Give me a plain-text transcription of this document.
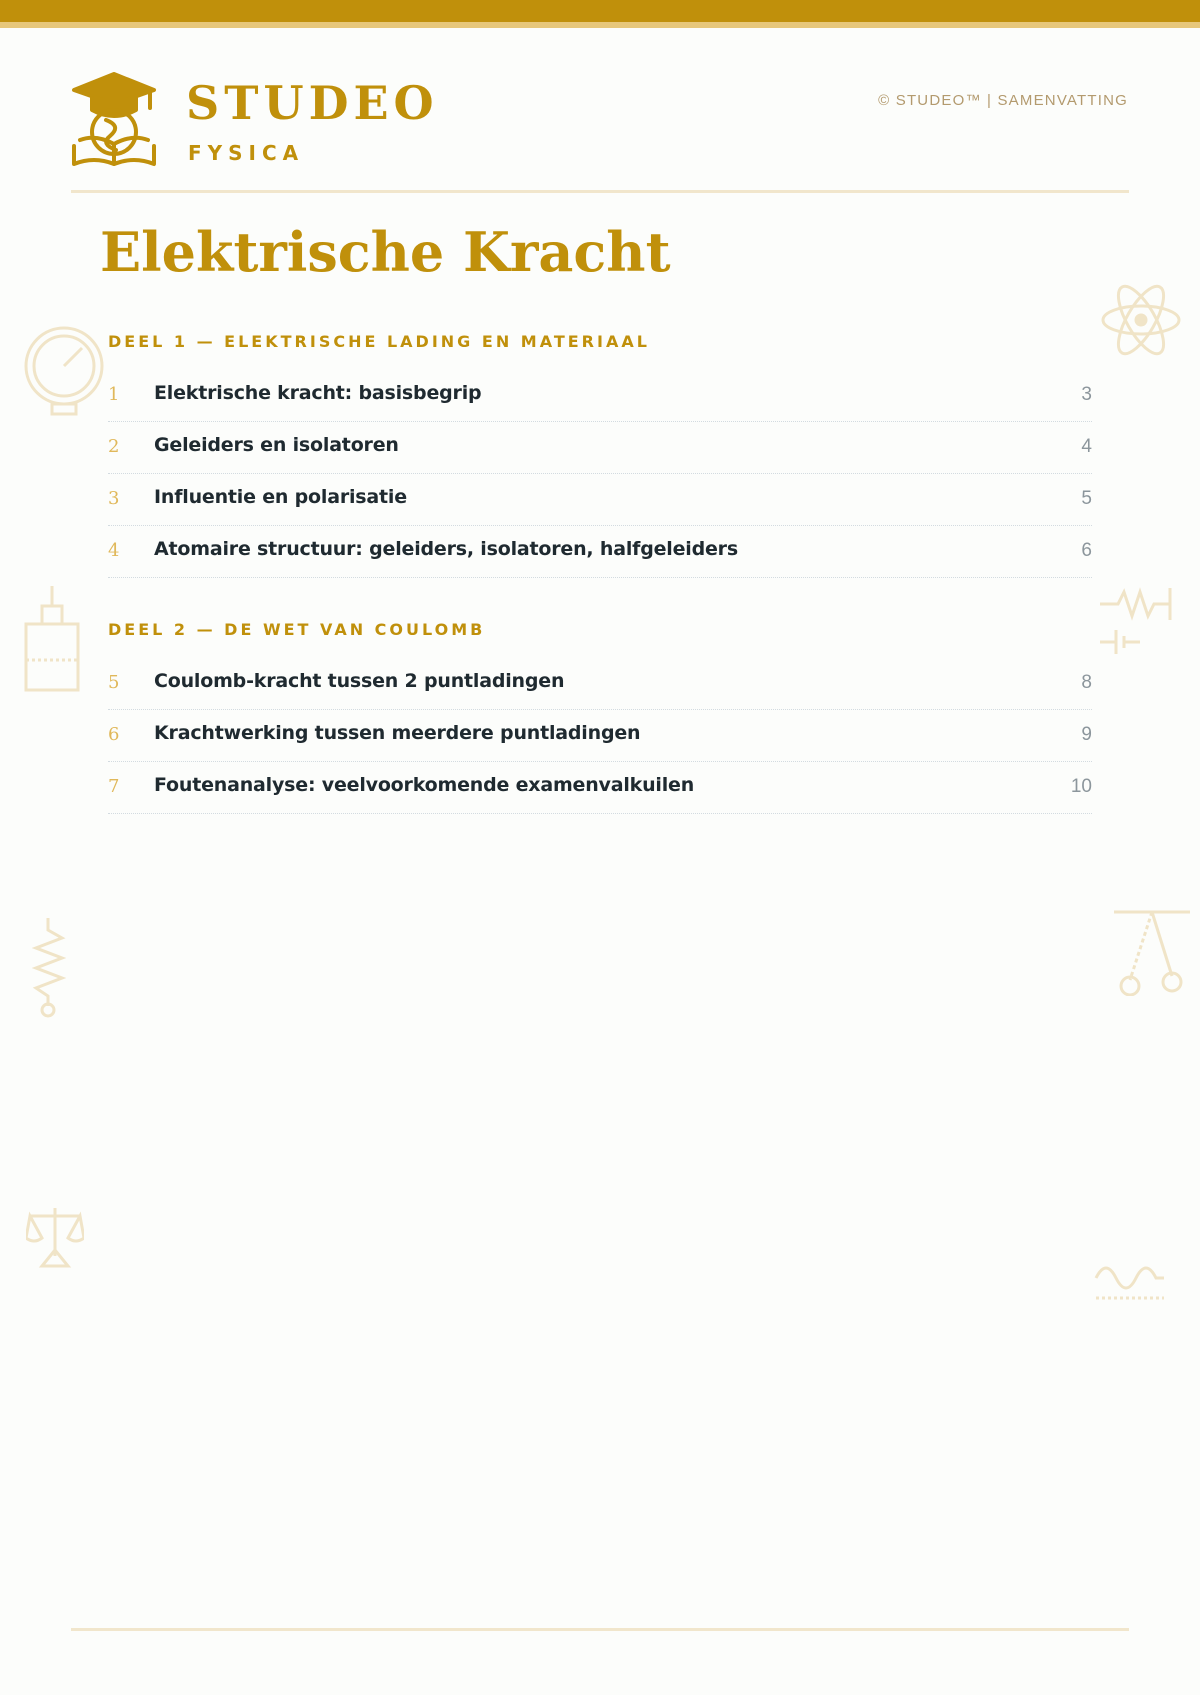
STUDEO
FYSICA
© STUDEO™ | SAMENVATTING
Elektrische Kracht
DEEL 1 — ELEKTRISCHE LADING EN MATERIAAL
1 Elektrische kracht: basisbegrip	3
2 Geleiders en isolatoren	4
3 Influentie en polarisatie	5
4 Atomaire structuur: geleiders, isolatoren, halfgeleiders	6
DEEL 2 — DE WET VAN COULOMB
5 Coulomb-kracht tussen 2 puntladingen	8
6 Krachtwerking tussen meerdere puntladingen	9
7 Foutenanalyse: veelvoorkomende examenvalkuilen	10
